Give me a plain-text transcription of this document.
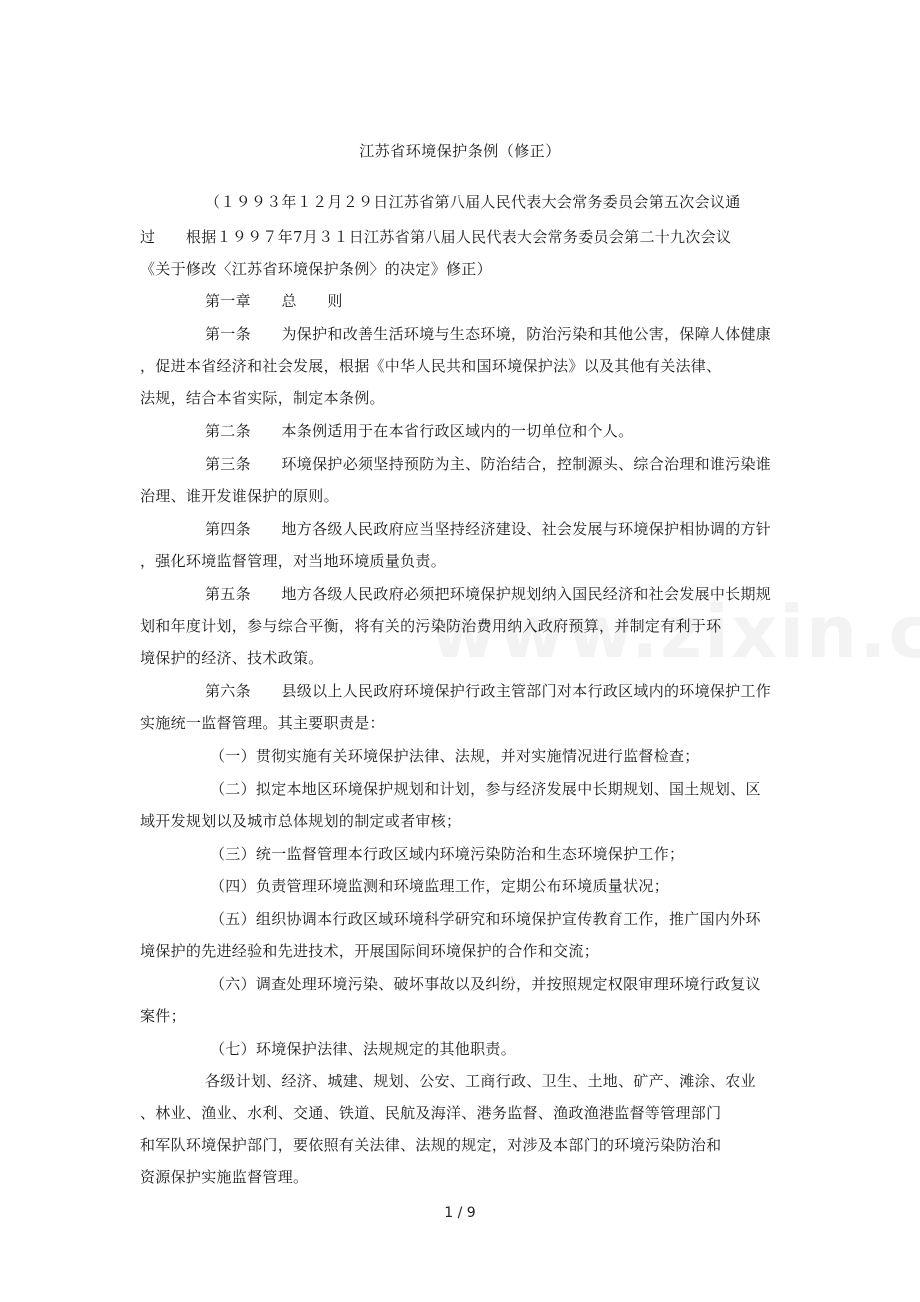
江苏省环境保护条例（修正）
（１９９３年１２月２９日江苏省第八届人民代表大会常务委员会第五次会议通
过　　根据１９９７年7月３１日江苏省第八届人民代表大会常务委员会第二十九次会议
《关于修改〈江苏省环境保护条例〉的决定》修正）
第一章　　总　　则
第一条　　为保护和改善生活环境与生态环境，防治污染和其他公害，保障人体健康
，促进本省经济和社会发展，根据《中华人民共和国环境保护法》以及其他有关法律、
法规，结合本省实际，制定本条例。
第二条　　本条例适用于在本省行政区域内的一切单位和个人。
第三条　　环境保护必须坚持预防为主、防治结合，控制源头、综合治理和谁污染谁
治理、谁开发谁保护的原则。
第四条　　地方各级人民政府应当坚持经济建设、社会发展与环境保护相协调的方针
，强化环境监督管理，对当地环境质量负责。
第五条　　地方各级人民政府必须把环境保护规划纳入国民经济和社会发展中长期规
划和年度计划，参与综合平衡，将有关的污染防治费用纳入政府预算，并制定有利于环
境保护的经济、技术政策。
第六条　　县级以上人民政府环境保护行政主管部门对本行政区域内的环境保护工作
实施统一监督管理。其主要职责是：
（一）贯彻实施有关环境保护法律、法规，并对实施情况进行监督检查；
（二）拟定本地区环境保护规划和计划，参与经济发展中长期规划、国土规划、区
域开发规划以及城市总体规划的制定或者审核；
（三）统一监督管理本行政区域内环境污染防治和生态环境保护工作；
（四）负责管理环境监测和环境监理工作，定期公布环境质量状况；
（五）组织协调本行政区域环境科学研究和环境保护宣传教育工作，推广国内外环
境保护的先进经验和先进技术，开展国际间环境保护的合作和交流；
（六）调查处理环境污染、破坏事故以及纠纷，并按照规定权限审理环境行政复议
案件；
（七）环境保护法律、法规规定的其他职责。
各级计划、经济、城建、规划、公安、工商行政、卫生、土地、矿产、滩涂、农业
、林业、渔业、水利、交通、铁道、民航及海洋、港务监督、渔政渔港监督等管理部门
和军队环境保护部门，要依照有关法律、法规的规定，对涉及本部门的环境污染防治和
资源保护实施监督管理。
1 / 9
